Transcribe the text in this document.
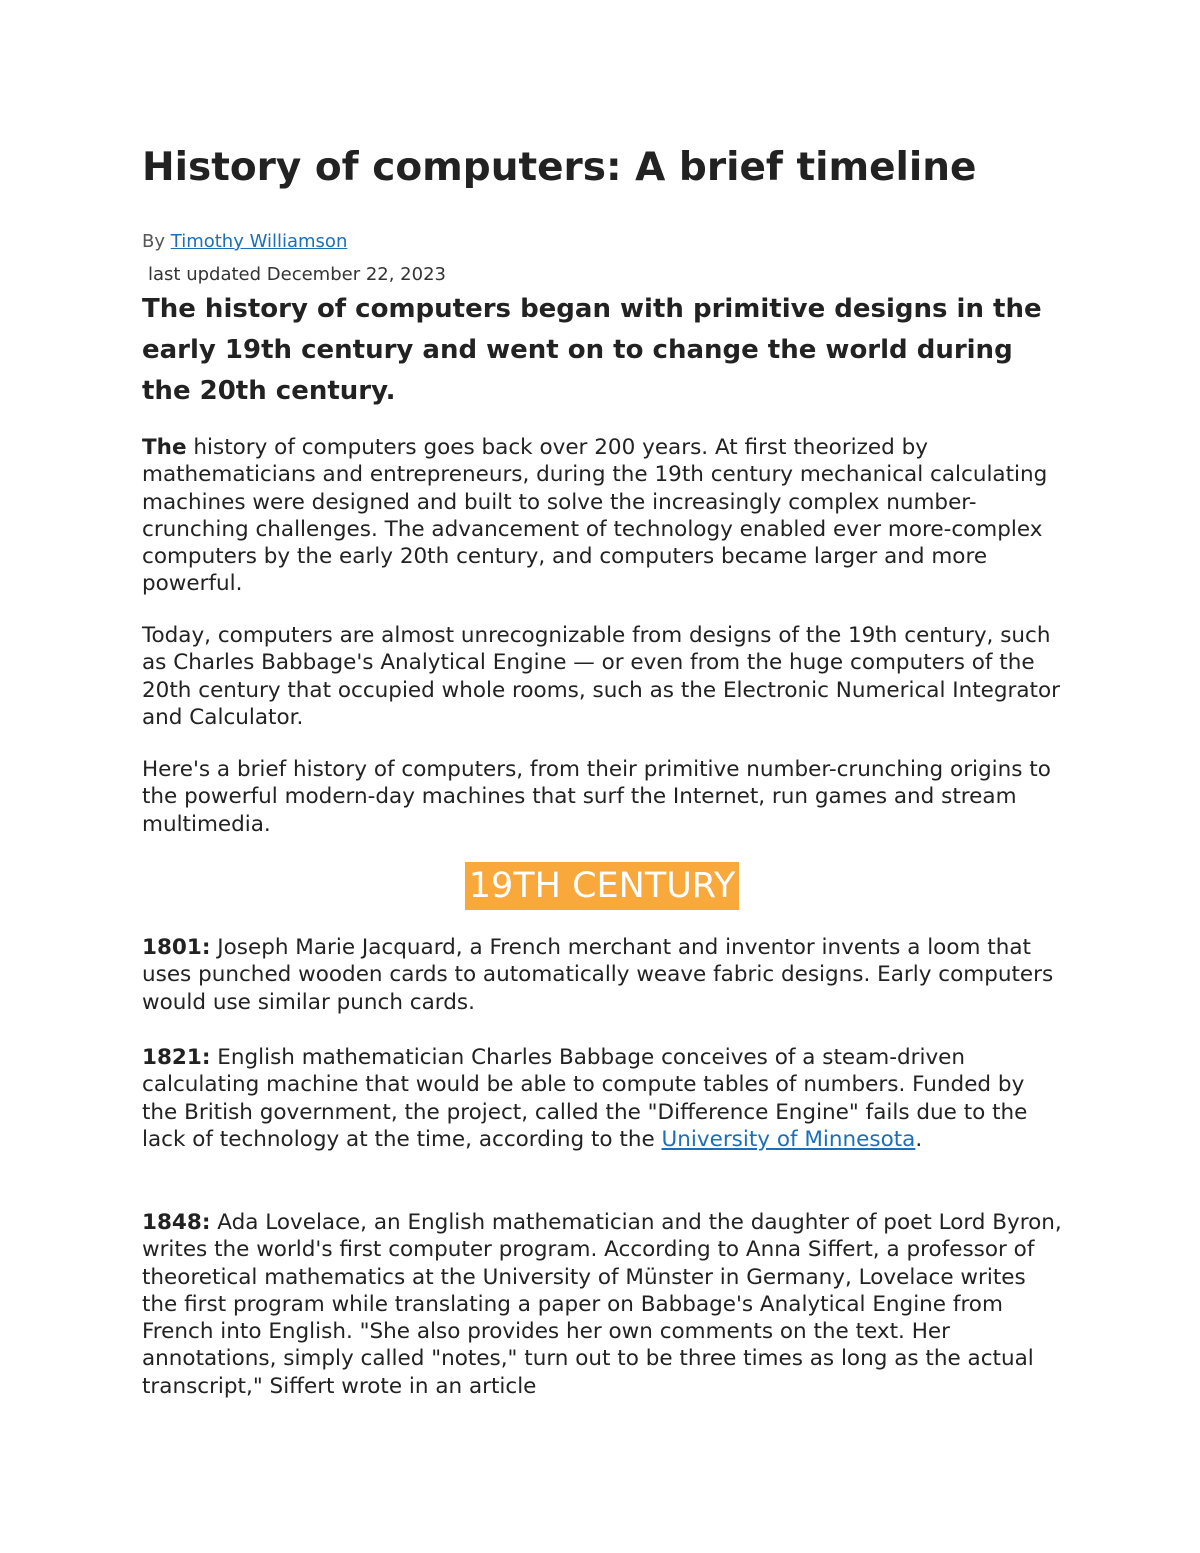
History of computers: A brief timeline
By Timothy Williamson
last updated December 22, 2023

The history of computers began with primitive designs in the early 19th century and went on to change the world during the 20th century.

The history of computers goes back over 200 years. At first theorized by mathematicians and entrepreneurs, during the 19th century mechanical calculating machines were designed and built to solve the increasingly complex number-crunching challenges. The advancement of technology enabled ever more-complex computers by the early 20th century, and computers became larger and more powerful.

Today, computers are almost unrecognizable from designs of the 19th century, such as Charles Babbage's Analytical Engine — or even from the huge computers of the 20th century that occupied whole rooms, such as the Electronic Numerical Integrator and Calculator.

Here's a brief history of computers, from their primitive number-crunching origins to the powerful modern-day machines that surf the Internet, run games and stream multimedia.

19TH CENTURY

1801: Joseph Marie Jacquard, a French merchant and inventor invents a loom that uses punched wooden cards to automatically weave fabric designs. Early computers would use similar punch cards.

1821: English mathematician Charles Babbage conceives of a steam-driven calculating machine that would be able to compute tables of numbers. Funded by the British government, the project, called the "Difference Engine" fails due to the lack of technology at the time, according to the University of Minnesota.

1848: Ada Lovelace, an English mathematician and the daughter of poet Lord Byron, writes the world's first computer program. According to Anna Siffert, a professor of theoretical mathematics at the University of Münster in Germany, Lovelace writes the first program while translating a paper on Babbage's Analytical Engine from French into English. "She also provides her own comments on the text. Her annotations, simply called "notes," turn out to be three times as long as the actual transcript," Siffert wrote in an article
